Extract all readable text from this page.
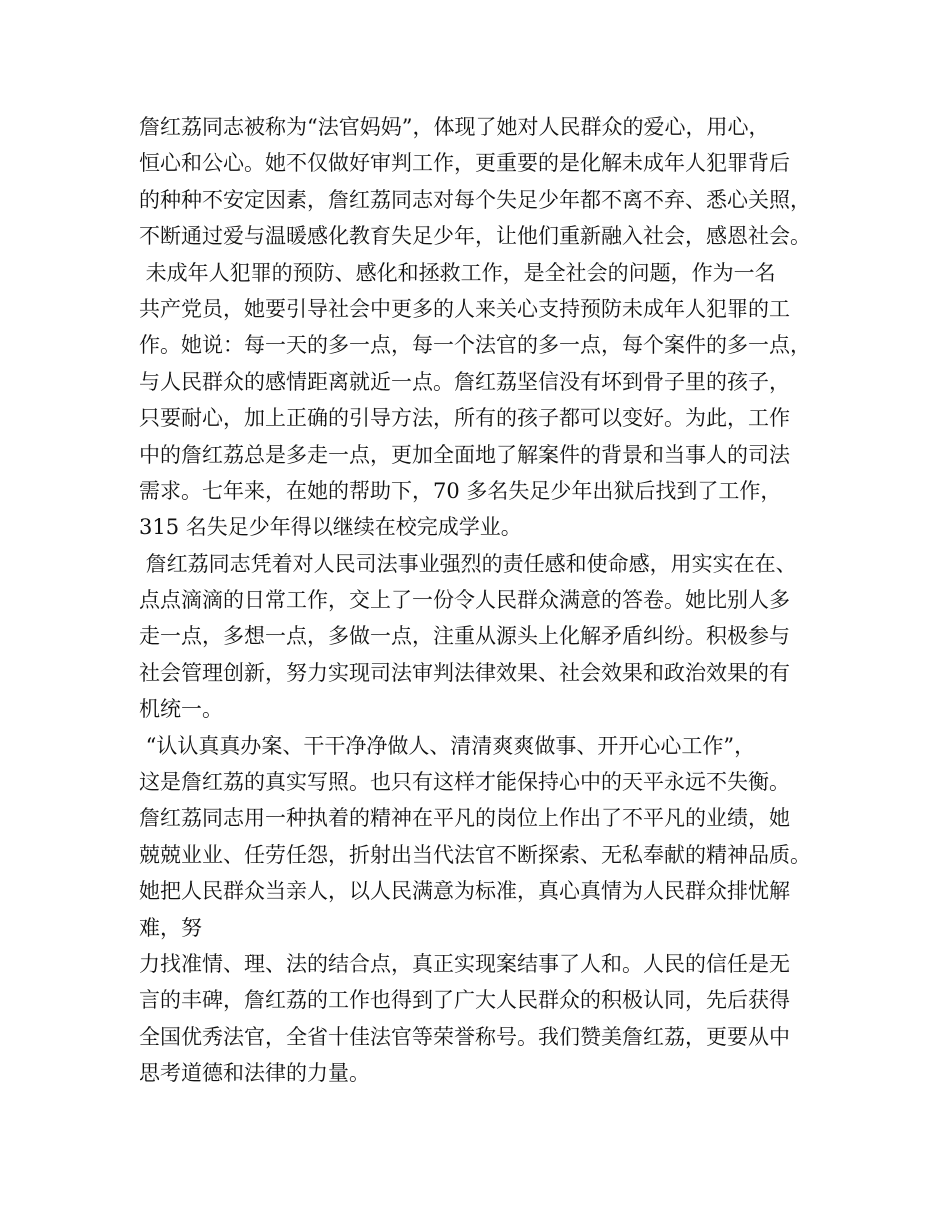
詹红荔同志被称为“法官妈妈”，体现了她对人民群众的爱心，用心，
恒心和公心。她不仅做好审判工作，更重要的是化解未成年人犯罪背后
的种种不安定因素，詹红荔同志对每个失足少年都不离不弃、悉心关照，
不断通过爱与温暖感化教育失足少年，让他们重新融入社会，感恩社会。
未成年人犯罪的预防、感化和拯救工作，是全社会的问题，作为一名
共产党员，她要引导社会中更多的人来关心支持预防未成年人犯罪的工
作。她说：每一天的多一点，每一个法官的多一点，每个案件的多一点，
与人民群众的感情距离就近一点。詹红荔坚信没有坏到骨子里的孩子，
只要耐心，加上正确的引导方法，所有的孩子都可以变好。为此，工作
中的詹红荔总是多走一点，更加全面地了解案件的背景和当事人的司法
需求。七年来，在她的帮助下，70 多名失足少年出狱后找到了工作，
315 名失足少年得以继续在校完成学业。
詹红荔同志凭着对人民司法事业强烈的责任感和使命感，用实实在在、
点点滴滴的日常工作，交上了一份令人民群众满意的答卷。她比别人多
走一点，多想一点，多做一点，注重从源头上化解矛盾纠纷。积极参与
社会管理创新，努力实现司法审判法律效果、社会效果和政治效果的有
机统一。
“认认真真办案、干干净净做人、清清爽爽做事、开开心心工作”，
这是詹红荔的真实写照。也只有这样才能保持心中的天平永远不失衡。
詹红荔同志用一种执着的精神在平凡的岗位上作出了不平凡的业绩，她
兢兢业业、任劳任怨，折射出当代法官不断探索、无私奉献的精神品质。
她把人民群众当亲人，以人民满意为标准，真心真情为人民群众排忧解
难，努
力找准情、理、法的结合点，真正实现案结事了人和。人民的信任是无
言的丰碑，詹红荔的工作也得到了广大人民群众的积极认同，先后获得
全国优秀法官，全省十佳法官等荣誉称号。我们赞美詹红荔，更要从中
思考道德和法律的力量。
